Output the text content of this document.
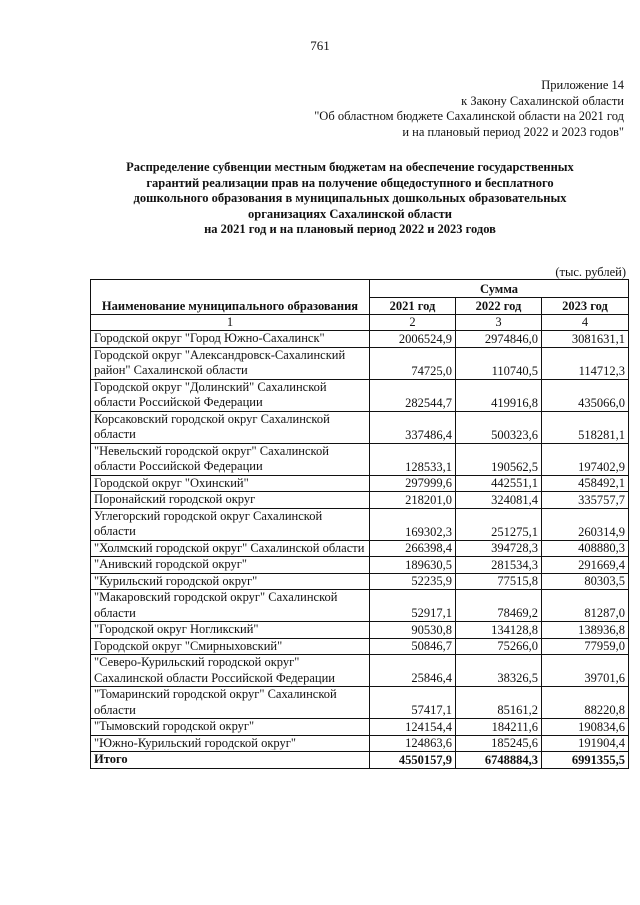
761
Приложение 14
к Закону Сахалинской области
"Об областном бюджете Сахалинской области на 2021 год
и на плановый период 2022 и 2023 годов"
Распределение субвенции местным бюджетам на обеспечение государственных
гарантий реализации прав на получение общедоступного и бесплатного
дошкольного образования в муниципальных дошкольных образовательных
организациях Сахалинской области
на 2021 год и на плановый период 2022 и 2023 годов
(тыс. рублей)
Наименование муниципального образования	Сумма		
	2021 год	2022 год	2023 год
1	2	3	4
Городской округ "Город Южно-Сахалинск"	2006524,9	2974846,0	3081631,1
Городской округ "Александровск-Сахалинский район" Сахалинской области	74725,0	110740,5	114712,3
Городской округ "Долинский" Сахалинской области Российской Федерации	282544,7	419916,8	435066,0
Корсаковский городской округ Сахалинской области	337486,4	500323,6	518281,1
"Невельский городской округ" Сахалинской области Российской Федерации	128533,1	190562,5	197402,9
Городской округ "Охинский"	297999,6	442551,1	458492,1
Поронайский городской округ	218201,0	324081,4	335757,7
Углегорский городской округ Сахалинской области	169302,3	251275,1	260314,9
"Холмский городской округ" Сахалинской области	266398,4	394728,3	408880,3
"Анивский городской округ"	189630,5	281534,3	291669,4
"Курильский городской округ"	52235,9	77515,8	80303,5
"Макаровский городской округ" Сахалинской области	52917,1	78469,2	81287,0
"Городской округ Ногликский"	90530,8	134128,8	138936,8
Городской округ "Смирныховский"	50846,7	75266,0	77959,0
"Северо-Курильский городской округ" Сахалинской области Российской Федерации	25846,4	38326,5	39701,6
"Томаринский городской округ" Сахалинской области	57417,1	85161,2	88220,8
"Тымовский городской округ"	124154,4	184211,6	190834,6
"Южно-Курильский городской округ"	124863,6	185245,6	191904,4
Итого	4550157,9	6748884,3	6991355,5
